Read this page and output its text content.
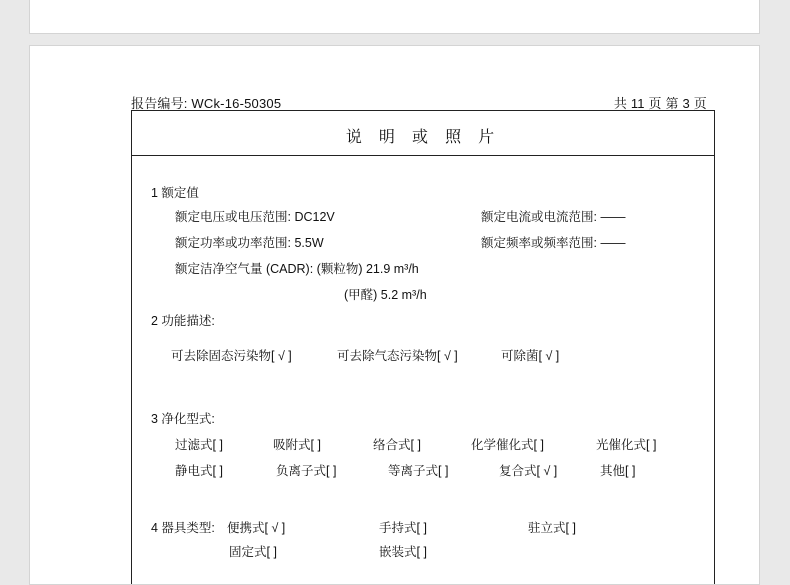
报告编号: WCk-16-50305	共 11 页 第 3 页
说 明 或 照 片
1 额定值
额定电压或电压范围: DC12V	额定电流或电流范围: ——
额定功率或功率范围: 5.5W	额定频率或频率范围: ——
额定洁净空气量 (CADR): (颗粒物) 21.9 m³/h
(甲醛) 5.2 m³/h
2 功能描述:
可去除固态污染物[ √ ]	可去除气态污染物[ √ ]	可除菌[ √ ]
3 净化型式:
过滤式[ ]	吸附式[ ]	络合式[ ]	化学催化式[ ]	光催化式[ ]
静电式[ ]	负离子式[ ]	等离子式[ ]	复合式[ √ ]	其他[ ]
4 器具类型: 便携式[ √ ]	手持式[ ]	驻立式[ ]
固定式[ ]	嵌装式[ ]
